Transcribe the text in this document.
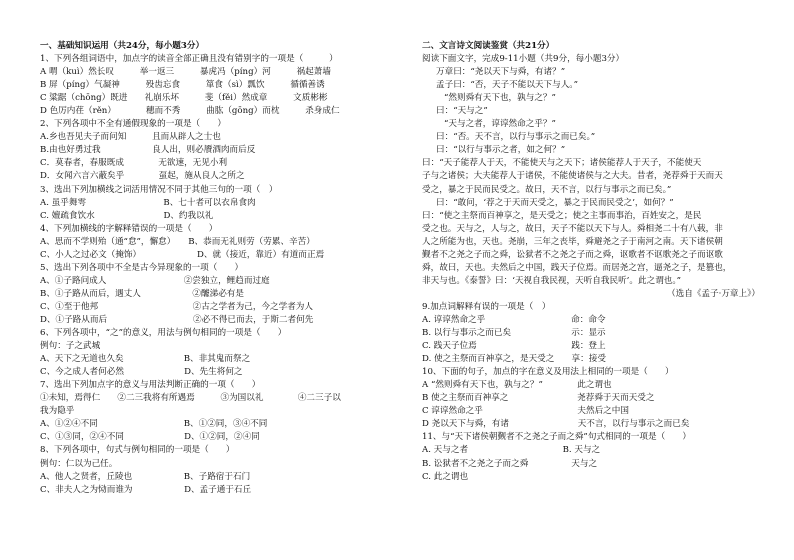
一、基础知识运用（共24分，每小题3分）
1、下列各组词语中，加点字的读音全部正确且没有错别字的一项是（　　　）
A 喟（kuì）然长叹　　　举一返三　　　暴虎冯（píng）河　　　祸起萧墙
B 屏（píng）气凝神　　　殁齿忘食　　　箪食（sì）瓢饮　　　循循善诱
C 粱踞（chōng）既进　　礼崩乐坏　　　斐（fěi）然成章　　　文质彬彬
D 色厉内荏（rěn）　　　　穗而不秀　　　曲肱（gōng）而枕　　　杀身成仁
2、下列各项中不全有通假现象的一项是（　　）
A.乡也吾见夫子而问知　　　且而从辟人之士也
B.由也好勇过我　　　　　　良人出，则必餍酒肉而后反
C．莫春者，春服既成　　　　无欲速，无见小利
D．女闻六言六蔽矣乎　　　　虿起，施从良人之所之
3、选出下列加横线之词活用情况不同于其他三句的一项（　）
A. 虽乎舞雩　　　　　　　　　B、七十者可以衣帛食肉
C. 嬗疏食饮水　　　　　　　　D、约我以礼
4、下列加横线的字解释错误的一项是（　　）
A、思而不学则殆（通“怠”，懈怠）　　B、恭而无礼则劳（劳累、辛苦）
C、小人之过必文（掩饰）　　　　　　　D、就（接近，靠近）有道而正焉
5、选出下列各项中不全是古今异现象的一项（　　）
A、①子路问成人　　　　　　　　　②尝独立，鲤趋而过庭
B、①子路从而后，遇丈人　　　　　　②醵涕必有是
C、①至于他邦　　　　　　　　　　　②古之学者为己，今之学者为人
D、①子路从而后　　　　　　　　　　②必不得已而去，于斯二者何先
6、下列各项中，“之”的意义，用法与例句相同的一项是（　　）
例句：子之武城
A、天下之无道也久矣　　　　　　　B、非其鬼而祭之
C、今之成人者何必然　　　　　　　D、先生将何之
7、选出下列加点字的意义与用法判断正确的一项（　　）
①未知，焉得仁　　②二三我将有所遇焉　　　③为国以礼　　　　④二三子以
我为隐乎
A、①②④不同　　　　　　　　　　B、①②同，③④不同
C、①③同，②④不同　　　　　　　D、①②同，②④同
8、下列各项中，句式与例句相同的一项是（　　）
例句：仁以为己任。
A、他人之贤者，丘陵也　　　　　　B、子路宿于石门
C、非夫人之为恸而谁为　　　　　　D、孟子通于石丘
二、文言诗文阅读鉴赏（共21分）
阅读下面文字，完成9-11小题（共9分，每小题3分）
万章曰：“尧以天下与舜，有诸？”
孟子曰：“否，天子不能以天下与人。”
“然则舜有天下也，孰与之？”
曰：“天与之”
“天与之者，谆谆然命之乎？”
曰：“否。天不言，以行与事示之而已矣。”
曰：“以行与事示之者，如之何？”
曰：“天子能荐人于天，不能使天与之天下；诸侯能荐人于天子，不能使天
子与之诸侯；大夫能荐人于诸侯，不能使诸侯与之大夫。昔者，尧荐舜于天而天
受之，暴之于民而民受之。故曰，天不言，以行与事示之而已矣。”
曰：“敢问，‘荐之于天而天受之，暴之于民而民受之’，如何？”
曰：“使之主祭而百神享之，是天受之；使之主事而事治，百姓安之，是民
受之也。天与之，人与之，故曰，天子不能以天下与人。舜相尧二十有八载，非
人之所能为也，天也。尧崩，三年之丧毕，舜避尧之子于南河之南。天下诸侯朝
觐者不之尧之子而之舜，讼狱者不之尧之子而之舜，讴歌者不讴歌尧之子而讴歌
舜，故曰，天也。夫然后之中国，践天子位焉。而居尧之宫，逼尧之子，是篡也，
非天与也。《泰誓》曰：‘天视自我民视，天听自我民听’。此之谓也。”
（选自《孟子·万章上》）
9.加点词解释有误的一项是（　）
A. 谆谆然命之乎　　　　　　　　　　命：命令
B. 以行与事示之而已矣　　　　　　　示：显示
C. 践天子位焉　　　　　　　　　　　践：登上
D. 使之主祭而百神享之，是天受之　　享：接受
10、下面的句子，加点的字在意义及用法上相同的一项是（　　）
A “然则舜有天下也，孰与之？”　　　　此之谓也
B 使之主祭而百神享之　　　　　　　　尧荐舜于天而天受之
C 谆谆然命之乎　　　　　　　　　　　夫然后之中国
D 尧以天下与舜，有诸　　　　　　　　天不言，以行与事示之而已矣
11、与“天下诸侯朝觐者不之尧之子而之舜”句式相同的一项是（　　）
A. 天与之者　　　　　　　　　　　B. 天与之
B. 讼狱者不之尧之子而之舜　　　　　天与之
C. 此之谓也
